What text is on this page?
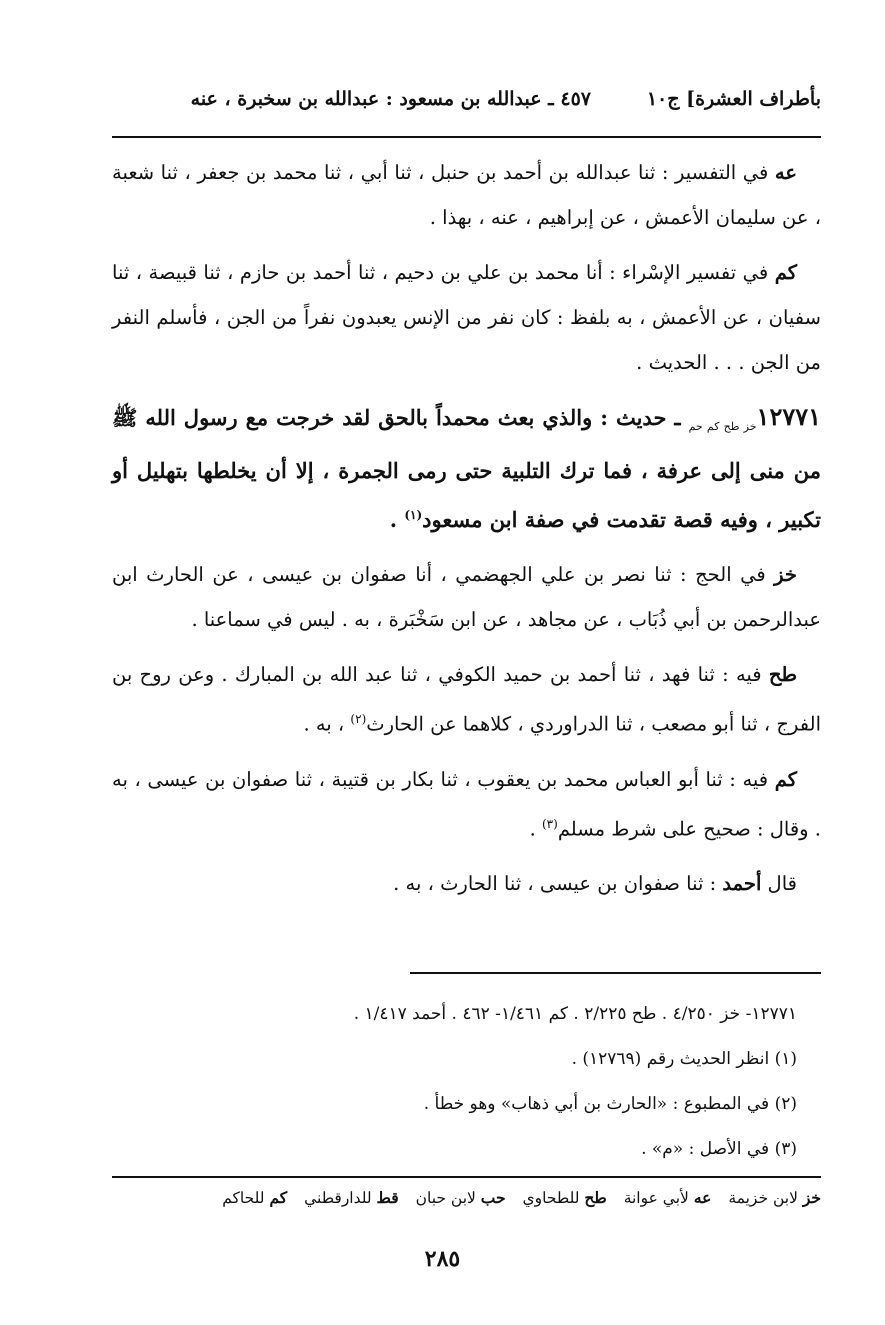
بأطراف العشرة] ج١٠
٤٥٧ ـ عبدالله بن مسعود : عبدالله بن سخبرة ، عنه

عه في التفسير : ثنا عبدالله بن أحمد بن حنبل ، ثنا أبي ، ثنا محمد بن جعفر ، ثنا شعبة ، عن سليمان الأعمش ، عن إبراهيم ، عنه ، بهذا .

كم في تفسير الإسْراء : أنا محمد بن علي بن دحيم ، ثنا أحمد بن حازم ، ثنا قبيصة ، ثنا سفيان ، عن الأعمش ، به بلفظ : كان نفر من الإنس يعبدون نفراً من الجن ، فأسلم النفر من الجن . . . الحديث .

$١٢٧٧١_{خز طح كم حم}$ ـ حديث : والذي بعث محمداً بالحق لقد خرجت مع رسول الله ﷺ من منى إلى عرفة ، فما ترك التلبية حتى رمى الجمرة ، إلا أن يخلطها بتهليل أو تكبير ، وفيه قصة تقدمت في صفة ابن مسعود$^{(١)}$ .

خز في الحج : ثنا نصر بن علي الجهضمي ، أنا صفوان بن عيسى ، عن الحارث ابن عبدالرحمن بن أبي ذُبَاب ، عن مجاهد ، عن ابن سَخْبَرة ، به . ليس في سماعنا .

طح فيه : ثنا فهد ، ثنا أحمد بن حميد الكوفي ، ثنا عبد الله بن المبارك . وعن روح بن الفرج ، ثنا أبو مصعب ، ثنا الدراوردي ، كلاهما عن الحارث$^{(٢)}$ ، به .

كم فيه : ثنا أبو العباس محمد بن يعقوب ، ثنا بكار بن قتيبة ، ثنا صفوان بن عيسى ، به . وقال : صحيح على شرط مسلم$^{(٣)}$ .

قال أحمد : ثنا صفوان بن عيسى ، ثنا الحارث ، به .

١٢٧٧١- خز ٤/٢٥٠ . طح ٢/٢٢٥ . كم ١/٤٦١- ٤٦٢ . أحمد ١/٤١٧ .
(١) انظر الحديث رقم (١٢٧٦٩) .
(٢) في المطبوع : «الحارث بن أبي ذهاب» وهو خطأ .
(٣) في الأصل : «م» .
خز لابن خزيمة عه لأبي عوانة طح للطحاوي حب لابن حبان قط للدارقطني كم للحاكم
٢٨٥
